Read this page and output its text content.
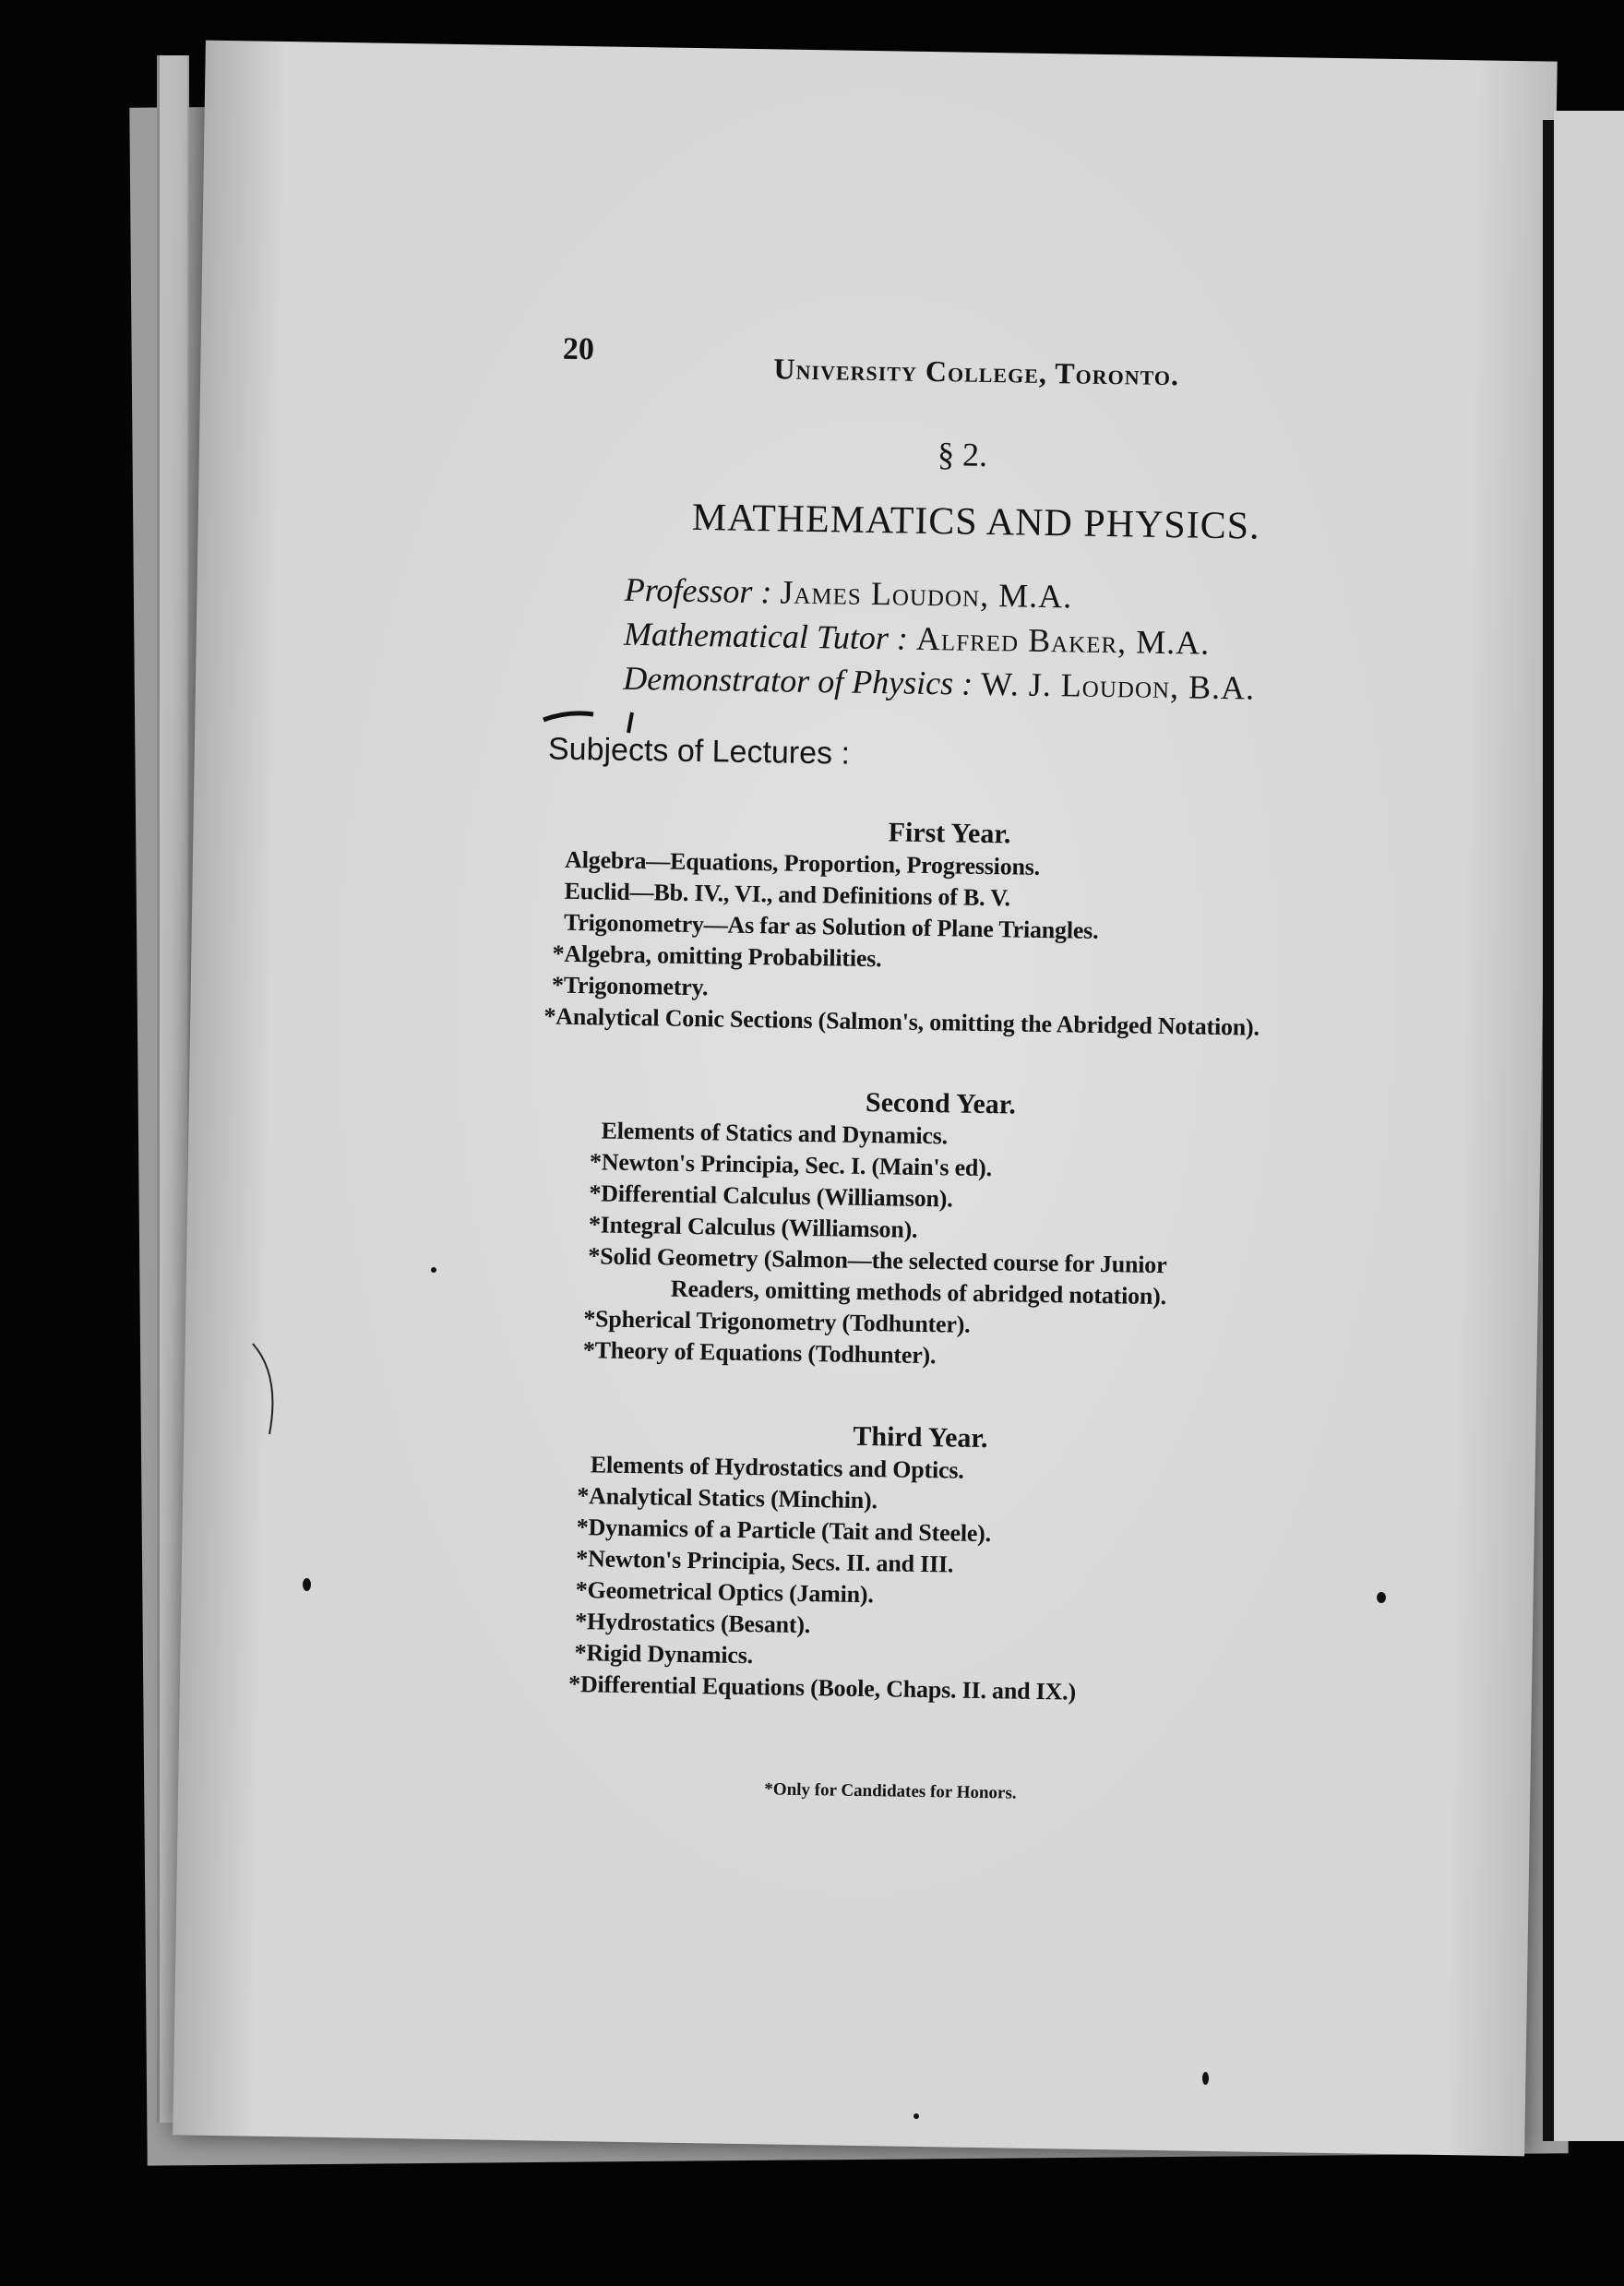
20
University College, Toronto.
§ 2.
MATHEMATICS AND PHYSICS.
Professor : James Loudon, M.A.
Mathematical Tutor : Alfred Baker, M.A.
Demonstrator of Physics : W. J. Loudon, B.A.
Subjects of Lectures :
First Year.
Algebra—Equations, Proportion, Progressions.
Euclid—Bb. IV., VI., and Definitions of B. V.
Trigonometry—As far as Solution of Plane Triangles.
*Algebra, omitting Probabilities.
*Trigonometry.
*Analytical Conic Sections (Salmon's, omitting the Abridged Notation).
Second Year.
Elements of Statics and Dynamics.
*Newton's Principia, Sec. I. (Main's ed).
*Differential Calculus (Williamson).
*Integral Calculus (Williamson).
*Solid Geometry (Salmon—the selected course for Junior
Readers, omitting methods of abridged notation).
*Spherical Trigonometry (Todhunter).
*Theory of Equations (Todhunter).
Third Year.
Elements of Hydrostatics and Optics.
*Analytical Statics (Minchin).
*Dynamics of a Particle (Tait and Steele).
*Newton's Principia, Secs. II. and III.
*Geometrical Optics (Jamin).
*Hydrostatics (Besant).
*Rigid Dynamics.
*Differential Equations (Boole, Chaps. II. and IX.)
*Only for Candidates for Honors.
